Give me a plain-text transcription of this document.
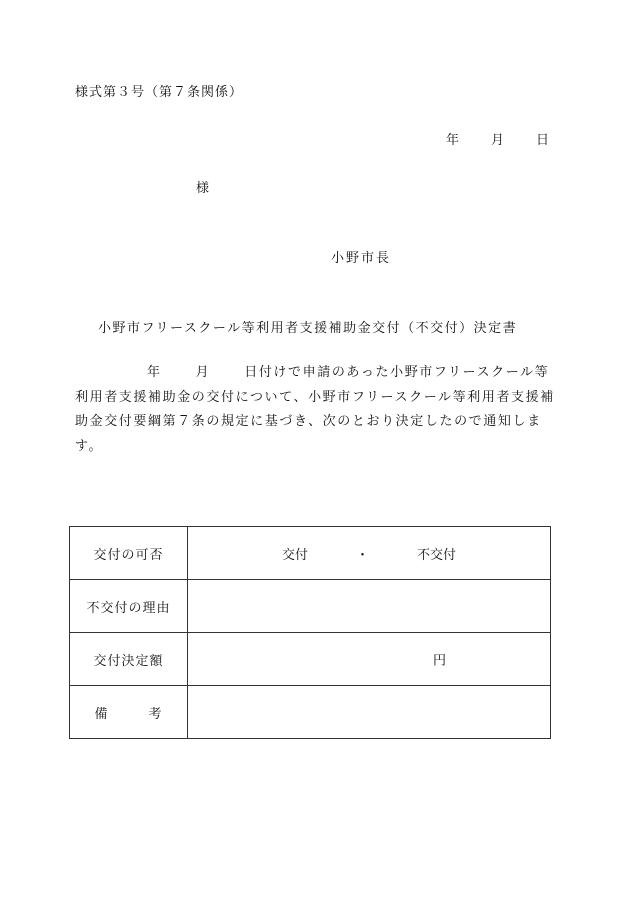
様式第３号（第７条関係）
年 月 日
様
小野市長
小野市フリースクール等利用者支援補助金交付（不交付）決定書
年	月	日付けで申請のあった小野市フリースクール等利用者支援補助金の交付について、小野市フリースクール等利用者支援補助金交付要綱第７条の規定に基づき、次のとおり決定したので通知します。
交付の可否	交付 ・ 不交付
不交付の理由	
交付決定額	円

備 考	
